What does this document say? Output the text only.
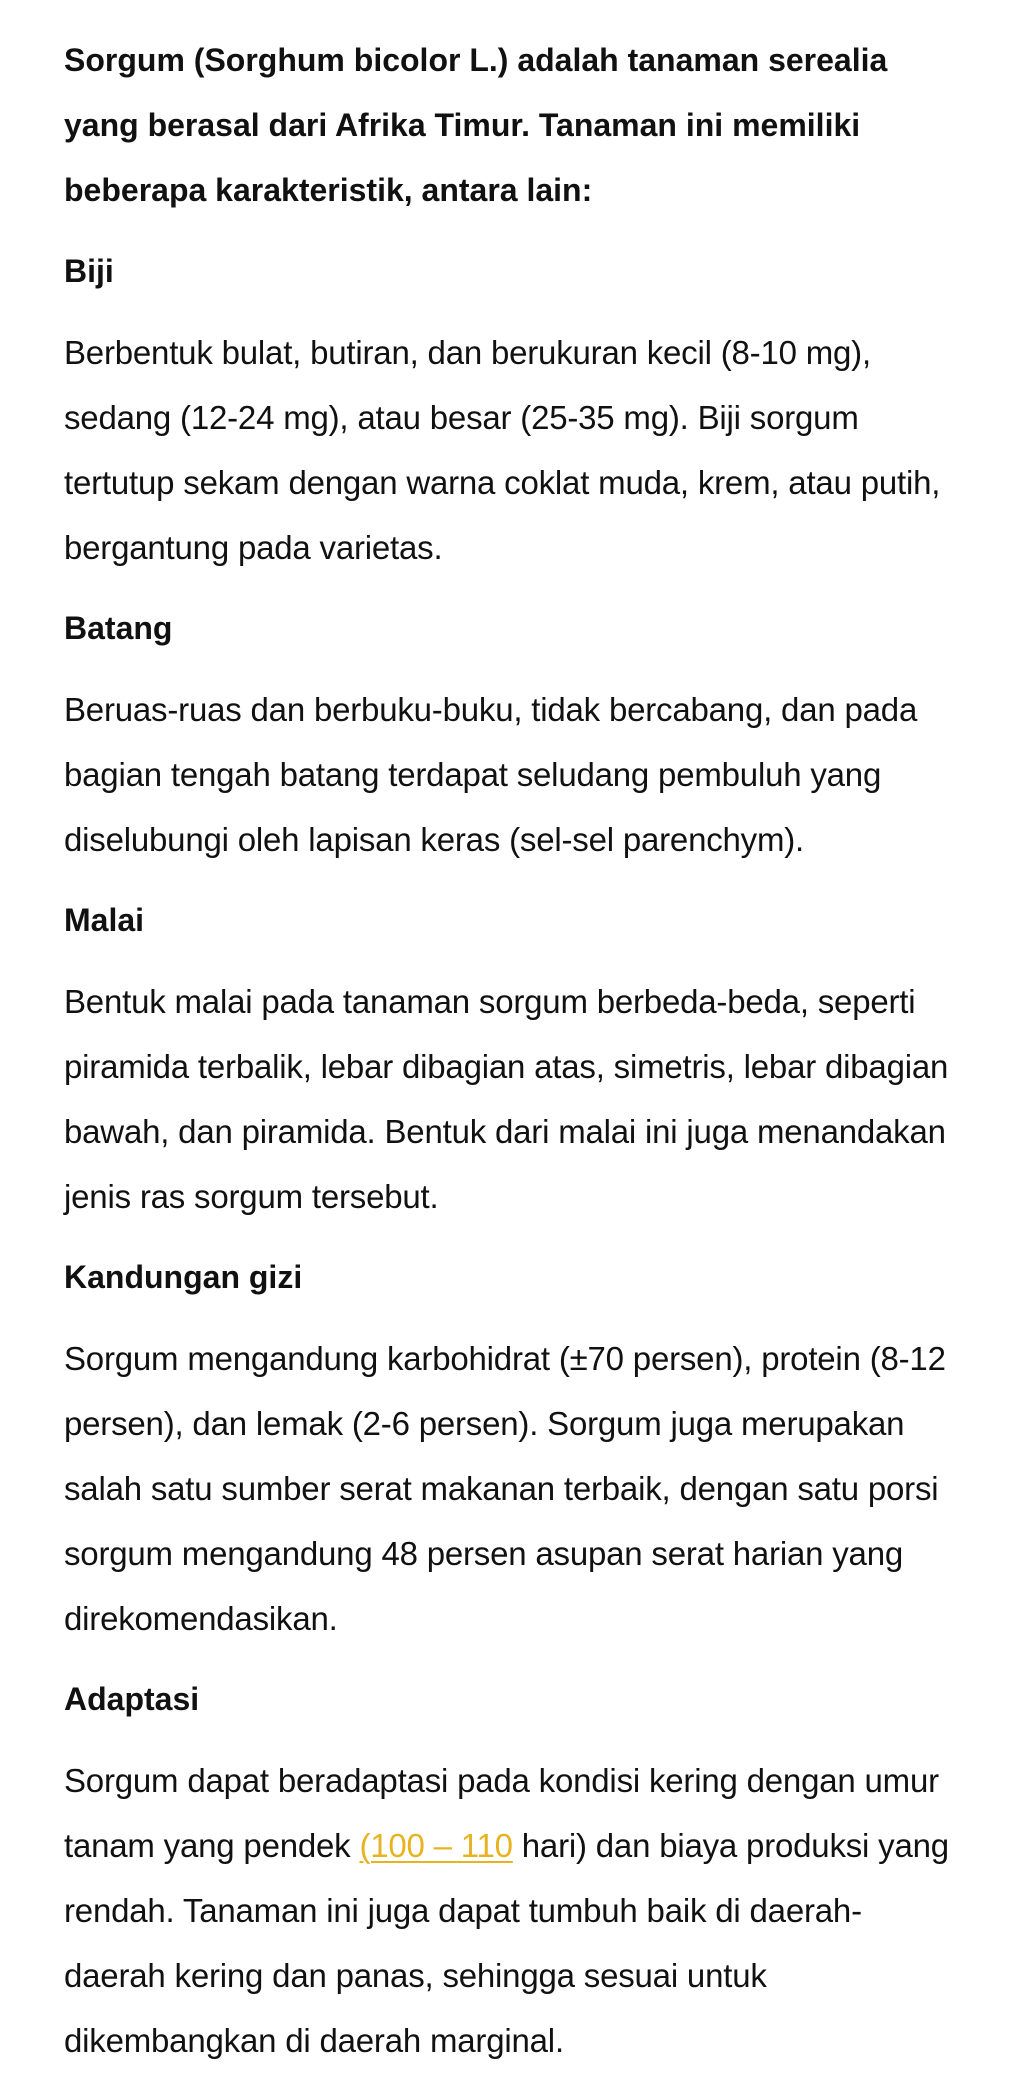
Sorgum (Sorghum bicolor L.) adalah tanaman serealia yang berasal dari Afrika Timur. Tanaman ini memiliki beberapa karakteristik, antara lain:

Biji

Berbentuk bulat, butiran, dan berukuran kecil (8-10 mg), sedang (12-24 mg), atau besar (25-35 mg). Biji sorgum tertutup sekam dengan warna coklat muda, krem, atau putih, bergantung pada varietas.

Batang

Beruas-ruas dan berbuku-buku, tidak bercabang, dan pada bagian tengah batang terdapat seludang pembuluh yang diselubungi oleh lapisan keras (sel-sel parenchym).

Malai

Bentuk malai pada tanaman sorgum berbeda-beda, seperti piramida terbalik, lebar dibagian atas, simetris, lebar dibagian bawah, dan piramida. Bentuk dari malai ini juga menandakan jenis ras sorgum tersebut.

Kandungan gizi

Sorgum mengandung karbohidrat (±70 persen), protein (8-12 persen), dan lemak (2-6 persen). Sorgum juga merupakan salah satu sumber serat makanan terbaik, dengan satu porsi sorgum mengandung 48 persen asupan serat harian yang direkomendasikan.

Adaptasi

Sorgum dapat beradaptasi pada kondisi kering dengan umur tanam yang pendek (100 – 110 hari) dan biaya produksi yang rendah. Tanaman ini juga dapat tumbuh baik di daerah-daerah kering dan panas, sehingga sesuai untuk dikembangkan di daerah marginal.
